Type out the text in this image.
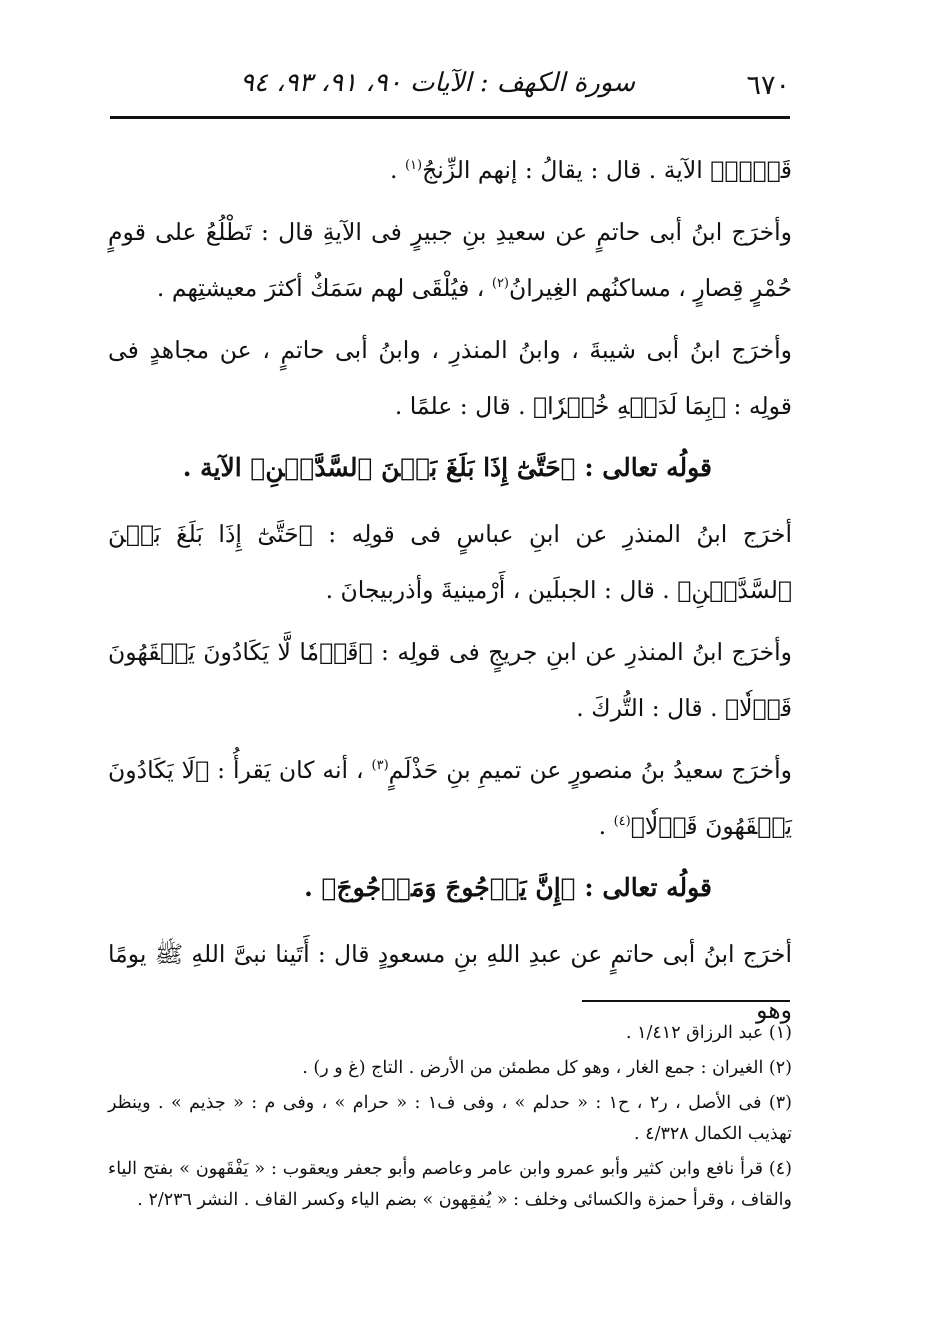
٦٧٠
سورة الكهف : الآيات ٩٠، ٩١، ٩٣، ٩٤

قَوۡمٖ﴾ الآية . قال : يقالُ : إنهم الزِّنجُ$^{(١)}$ .

وأخرَج ابنُ أبى حاتمٍ عن سعيدِ بنِ جبيرٍ فى الآيةِ قال : تَطْلُعُ على قومٍ حُمْرٍ قِصارٍ ، مساكنُهم الغِيرانُ$^{(٢)}$ ، فيُلْقَى لهم سَمَكٌ أكثرَ معيشتِهم .

وأخرَج ابنُ أبى شيبةَ ، وابنُ المنذرِ ، وابنُ أبى حاتمٍ ، عن مجاهدٍ فى قولِه : ﴿بِمَا لَدَيۡهِ خُبۡرٗا﴾ . قال : علمًا .

قولُه تعالى : ﴿حَتَّىٰٓ إِذَا بَلَغَ بَيۡنَ ٱلسَّدَّيۡنِ﴾ الآية .

أخرَج ابنُ المنذرِ عن ابنِ عباسٍ فى قولِه : ﴿حَتَّىٰٓ إِذَا بَلَغَ بَيۡنَ ٱلسَّدَّيۡنِ﴾ . قال : الجبلَين ، أَرْمينيةَ وأذربيجانَ .

وأخرَج ابنُ المنذرِ عن ابنِ جريجٍ فى قولِه : ﴿قَوۡمٗا لَّا يَكَادُونَ يَفۡقَهُونَ قَوۡلٗا﴾ . قال : التُّركَ .

وأخرَج سعيدُ بنُ منصورٍ عن تميمِ بنِ حَذْلَمٍ$^{(٣)}$ ، أنه كان يَقرأُ : ﴿لَا يَكَادُونَ يَفۡقَهُونَ قَوۡلٗا﴾$^{(٤)}$ .

قولُه تعالى : ﴿إِنَّ يَأۡجُوجَ وَمَأۡجُوجَ﴾ .

أخرَج ابنُ أبى حاتمٍ عن عبدِ اللهِ بنِ مسعودٍ قال : أَتَينا نبىَّ اللهِ ﷺ يومًا وهو

(١) عبد الرزاق ١/٤١٢ .

(٢) الغيران : جمع الغار ، وهو كل مطمئن من الأرض . التاج (غ و ر) .

(٣) فى الأصل ، ر٢ ، ح١ : « حدلم » ، وفى ف١ : « حرام » ، وفى م : « جذيم » . وينظر تهذيب الكمال ٤/٣٢٨ .

(٤) قرأ نافع وابن كثير وأبو عمرو وابن عامر وعاصم وأبو جعفر ويعقوب : « يَفْقَهون » بفتح الياء والقاف ، وقرأ حمزة والكسائى وخلف : « يُفقِهون » بضم الياء وكسر القاف . النشر ٢/٢٣٦ .
